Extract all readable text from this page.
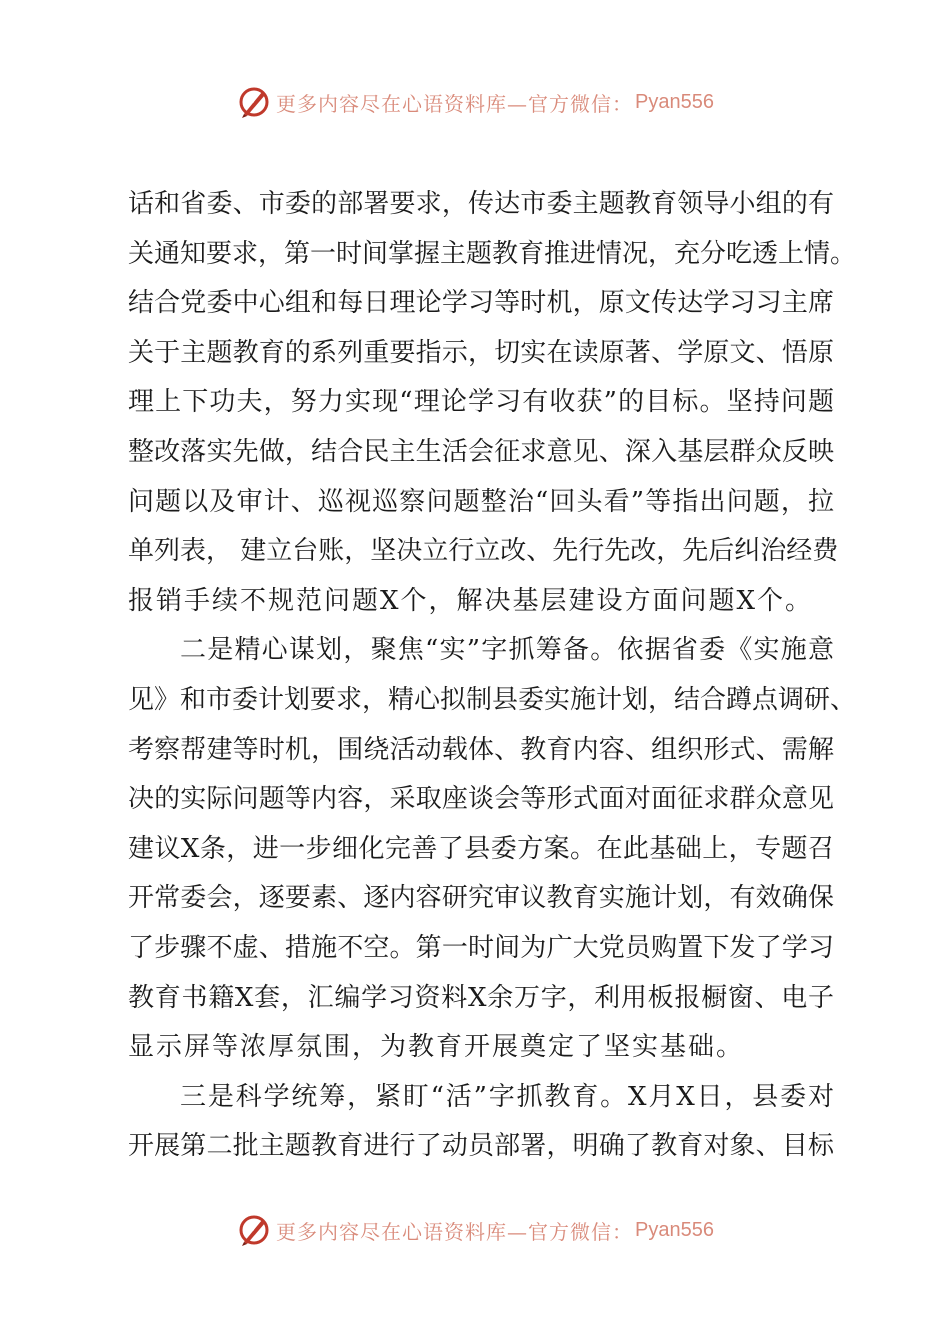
更多内容尽在心语资料库—官方微信： Pyan556
话和省委、市委的部署要求，传达市委主题教育领导小组的有
关通知要求，第一时间掌握主题教育推进情况，充分吃透上情。
结合党委中心组和每日理论学习等时机，原文传达学习习主席
关于主题教育的系列重要指示，切实在读原著、学原文、悟原
理上下功夫，努力实现“理论学习有收获”的目标。坚持问题
整改落实先做，结合民主生活会征求意见、深入基层群众反映
问题以及审计、巡视巡察问题整治“回头看”等指出问题，拉
单列表， 建立台账，坚决立行立改、先行先改，先后纠治经费
报销手续不规范问题X个，解决基层建设方面问题X个。
二是精心谋划，聚焦“实”字抓筹备。依据省委《实施意
见》和市委计划要求，精心拟制县委实施计划，结合蹲点调研、
考察帮建等时机，围绕活动载体、教育内容、组织形式、需解
决的实际问题等内容，采取座谈会等形式面对面征求群众意见
建议X条，进一步细化完善了县委方案。在此基础上，专题召
开常委会，逐要素、逐内容研究审议教育实施计划，有效确保
了步骤不虚、措施不空。第一时间为广大党员购置下发了学习
教育书籍X套，汇编学习资料X余万字，利用板报橱窗、电子
显示屏等浓厚氛围，为教育开展奠定了坚实基础。
三是科学统筹，紧盯“活”字抓教育。X月X日，县委对
开展第二批主题教育进行了动员部署，明确了教育对象、目标
更多内容尽在心语资料库—官方微信： Pyan556
